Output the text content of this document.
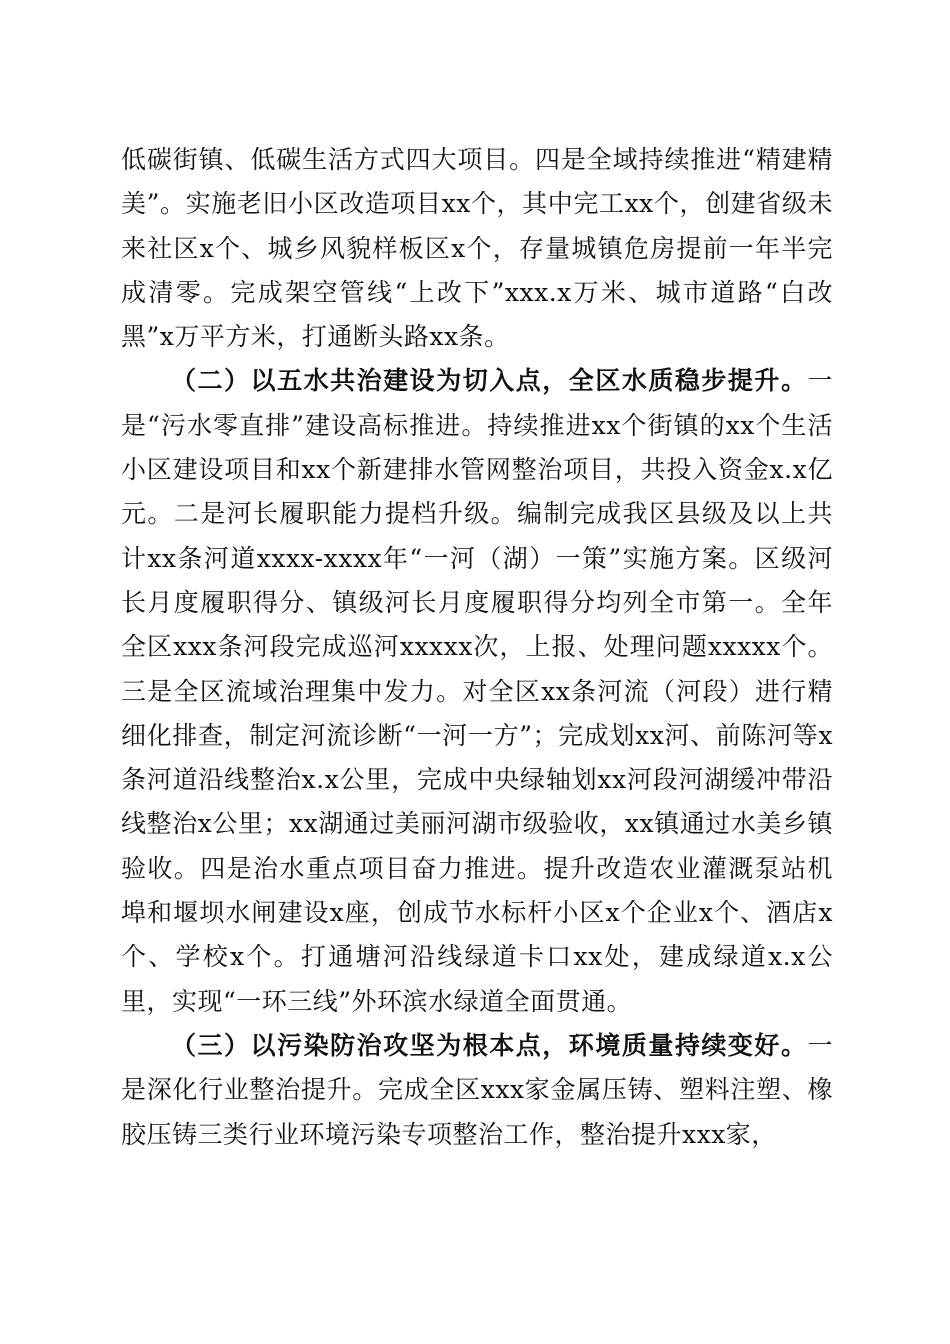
低碳街镇、低碳生活方式四大项目。四是全域持续推进“精建精美”。实施老旧小区改造项目xx个，其中完工xx个，创建省级未来社区x个、城乡风貌样板区x个，存量城镇危房提前一年半完成清零。完成架空管线“上改下”xxx.x万米、城市道路“白改黑”x万平方米，打通断头路xx条。

（二）以五水共治建设为切入点，全区水质稳步提升。一是“污水零直排”建设高标推进。持续推进xx个街镇的xx个生活小区建设项目和xx个新建排水管网整治项目，共投入资金x.x亿元。二是河长履职能力提档升级。编制完成我区县级及以上共计xx条河道xxxx-xxxx年“一河（湖）一策”实施方案。区级河长月度履职得分、镇级河长月度履职得分均列全市第一。全年全区xxx条河段完成巡河xxxxx次，上报、处理问题xxxxx个。三是全区流域治理集中发力。对全区xx条河流（河段）进行精细化排查，制定河流诊断“一河一方”；完成划xx河、前陈河等x条河道沿线整治x.x公里，完成中央绿轴划xx河段河湖缓冲带沿线整治x公里；xx湖通过美丽河湖市级验收，xx镇通过水美乡镇验收。四是治水重点项目奋力推进。提升改造农业灌溉泵站机埠和堰坝水闸建设x座，创成节水标杆小区x个企业x个、酒店x个、学校x个。打通塘河沿线绿道卡口xx处，建成绿道x.x公里，实现“一环三线”外环滨水绿道全面贯通。

（三）以污染防治攻坚为根本点，环境质量持续变好。一是深化行业整治提升。完成全区xxx家金属压铸、塑料注塑、橡胶压铸三类行业环境污染专项整治工作，整治提升xxx家，
